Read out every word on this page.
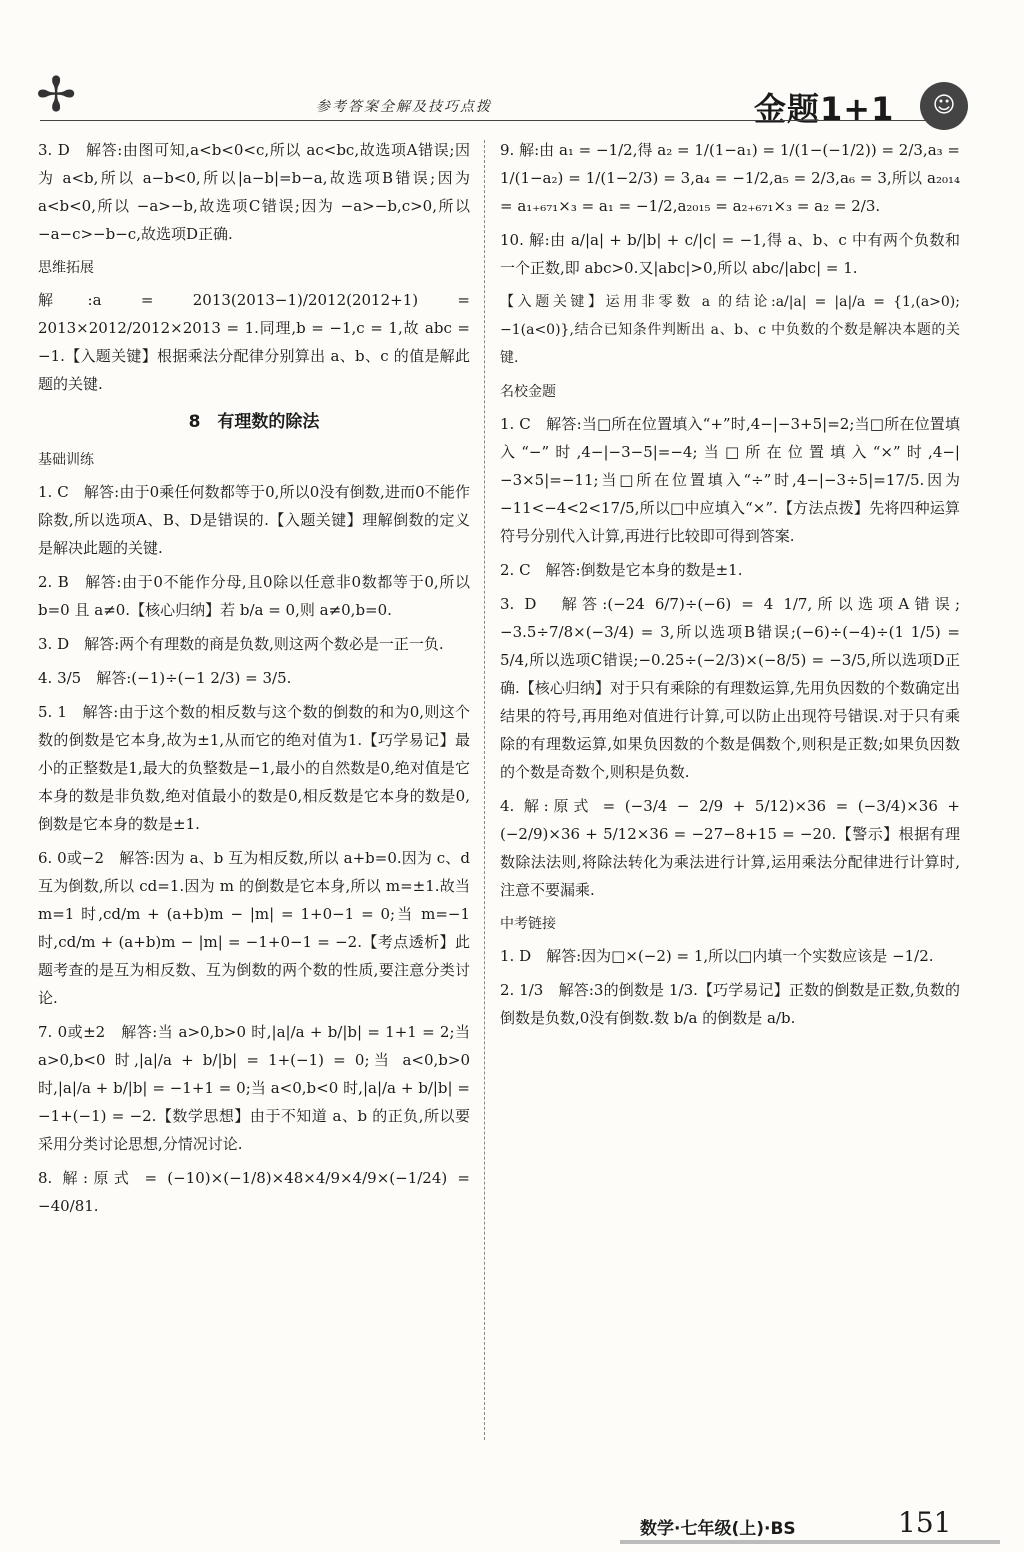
✢	参考答案全解及技巧点拨	金题1+1	☺

3. D　解答:由图可知,a<b<0<c,所以 ac<bc,故选项A错误;因为 a<b,所以 a−b<0,所以|a−b|=b−a,故选项B错误;因为 a<b<0,所以 −a>−b,故选项C错误;因为 −a>−b,c>0,所以 −a−c>−b−c,故选项D正确.

思维拓展

解:a = 2013(2013−1)/2012(2012+1) = 2013×2012/2012×2013 = 1.同理,b = −1,c = 1,故 abc = −1.【入题关键】根据乘法分配律分别算出 a、b、c 的值是解此题的关键.

8　有理数的除法
基础训练

1. C　解答:由于0乘任何数都等于0,所以0没有倒数,进而0不能作除数,所以选项A、B、D是错误的.【入题关键】理解倒数的定义是解决此题的关键.

2. B　解答:由于0不能作分母,且0除以任意非0数都等于0,所以 b=0 且 a≠0.【核心归纳】若 b/a = 0,则 a≠0,b=0.

3. D　解答:两个有理数的商是负数,则这两个数必是一正一负.

4. 3/5　解答:(−1)÷(−1 2/3) = 3/5.

5. 1　解答:由于这个数的相反数与这个数的倒数的和为0,则这个数的倒数是它本身,故为±1,从而它的绝对值为1.【巧学易记】最小的正整数是1,最大的负整数是−1,最小的自然数是0,绝对值是它本身的数是非负数,绝对值最小的数是0,相反数是它本身的数是0,倒数是它本身的数是±1.

6. 0或−2　解答:因为 a、b 互为相反数,所以 a+b=0.因为 c、d 互为倒数,所以 cd=1.因为 m 的倒数是它本身,所以 m=±1.故当 m=1 时,cd/m + (a+b)m − |m| = 1+0−1 = 0;当 m=−1 时,cd/m + (a+b)m − |m| = −1+0−1 = −2.【考点透析】此题考查的是互为相反数、互为倒数的两个数的性质,要注意分类讨论.

7. 0或±2　解答:当 a>0,b>0 时,|a|/a + b/|b| = 1+1 = 2;当 a>0,b<0 时,|a|/a + b/|b| = 1+(−1) = 0;当 a<0,b>0 时,|a|/a + b/|b| = −1+1 = 0;当 a<0,b<0 时,|a|/a + b/|b| = −1+(−1) = −2.【数学思想】由于不知道 a、b 的正负,所以要采用分类讨论思想,分情况讨论.

8. 解:原式 = (−10)×(−1/8)×48×4/9×4/9×(−1/24) = −40/81.

9. 解:由 a₁ = −1/2,得 a₂ = 1/(1−a₁) = 1/(1−(−1/2)) = 2/3,a₃ = 1/(1−a₂) = 1/(1−2/3) = 3,a₄ = −1/2,a₅ = 2/3,a₆ = 3,所以 a₂₀₁₄ = a₁₊₆₇₁×₃ = a₁ = −1/2,a₂₀₁₅ = a₂₊₆₇₁×₃ = a₂ = 2/3.

10. 解:由 a/|a| + b/|b| + c/|c| = −1,得 a、b、c 中有两个负数和一个正数,即 abc>0.又|abc|>0,所以 abc/|abc| = 1.

【入题关键】运用非零数 a 的结论:a/|a| = |a|/a = {1,(a>0); −1(a<0)},结合已知条件判断出 a、b、c 中负数的个数是解决本题的关键.

名校金题

1. C　解答:当□所在位置填入“+”时,4−|−3+5|=2;当□所在位置填入“−”时,4−|−3−5|=−4;当□所在位置填入“×”时,4−|−3×5|=−11;当□所在位置填入“÷”时,4−|−3÷5|=17/5.因为 −11<−4<2<17/5,所以□中应填入“×”.【方法点拨】先将四种运算符号分别代入计算,再进行比较即可得到答案.

2. C　解答:倒数是它本身的数是±1.

3. D　解答:(−24 6/7)÷(−6) = 4 1/7,所以选项A错误;−3.5÷7/8×(−3/4) = 3,所以选项B错误;(−6)÷(−4)÷(1 1/5) = 5/4,所以选项C错误;−0.25÷(−2/3)×(−8/5) = −3/5,所以选项D正确.【核心归纳】对于只有乘除的有理数运算,先用负因数的个数确定出结果的符号,再用绝对值进行计算,可以防止出现符号错误.对于只有乘除的有理数运算,如果负因数的个数是偶数个,则积是正数;如果负因数的个数是奇数个,则积是负数.

4. 解:原式 = (−3/4 − 2/9 + 5/12)×36 = (−3/4)×36 + (−2/9)×36 + 5/12×36 = −27−8+15 = −20.【警示】根据有理数除法法则,将除法转化为乘法进行计算,运用乘法分配律进行计算时,注意不要漏乘.

中考链接

1. D　解答:因为□×(−2) = 1,所以□内填一个实数应该是 −1/2.

2. 1/3　解答:3的倒数是 1/3.【巧学易记】正数的倒数是正数,负数的倒数是负数,0没有倒数.数 b/a 的倒数是 a/b.

数学·七年级(上)·BS	151
